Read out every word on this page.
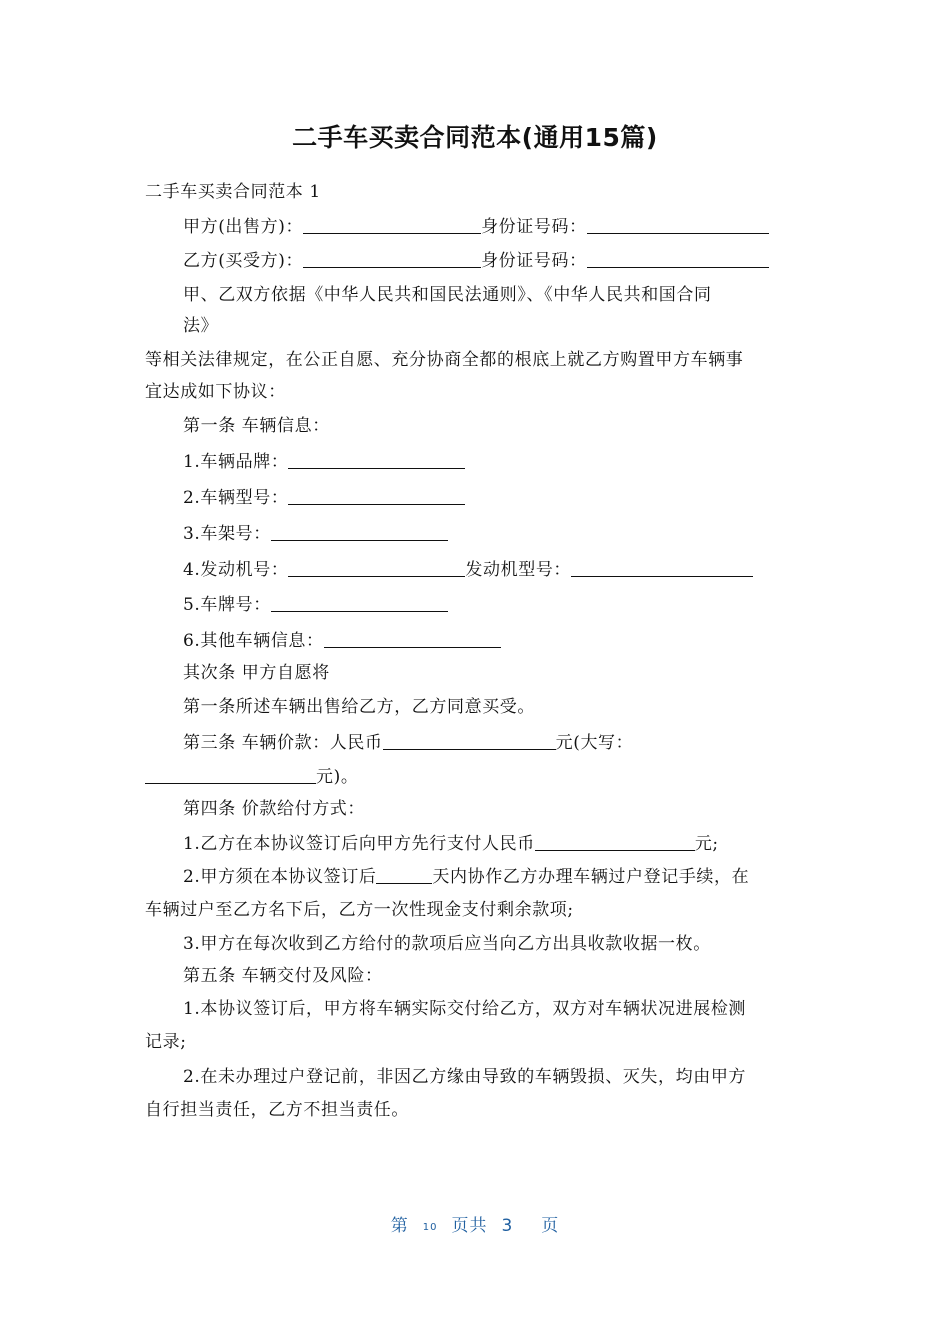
二手车买卖合同范本(通用15篇)
二手车买卖合同范本 1
甲方(出售方)：	身份证号码：
乙方(买受方)：	身份证号码：
甲、乙双方依据《中华人民共和国民法通则》、《中华人民共和国合同
法》
等相关法律规定，在公正自愿、充分协商全都的根底上就乙方购置甲方车辆事
宜达成如下协议：
第一条 车辆信息：
1.车辆品牌：
2.车辆型号：
3.车架号：
4.发动机号：	发动机型号：
5.车牌号：
6.其他车辆信息：
其次条 甲方自愿将
第一条所述车辆出售给乙方，乙方同意买受。
第三条 车辆价款：人民币	元(大写：
元)。
第四条 价款给付方式：
1.乙方在本协议签订后向甲方先行支付人民币	元;
2.甲方须在本协议签订后	天内协作乙方办理车辆过户登记手续，在
车辆过户至乙方名下后，乙方一次性现金支付剩余款项;
3.甲方在每次收到乙方给付的款项后应当向乙方出具收款收据一枚。
第五条 车辆交付及风险：
1.本协议签订后，甲方将车辆实际交付给乙方，双方对车辆状况进展检测
记录;
2.在未办理过户登记前，非因乙方缘由导致的车辆毁损、灭失，均由甲方
自行担当责任，乙方不担当责任。
第 10 页共 3 页
